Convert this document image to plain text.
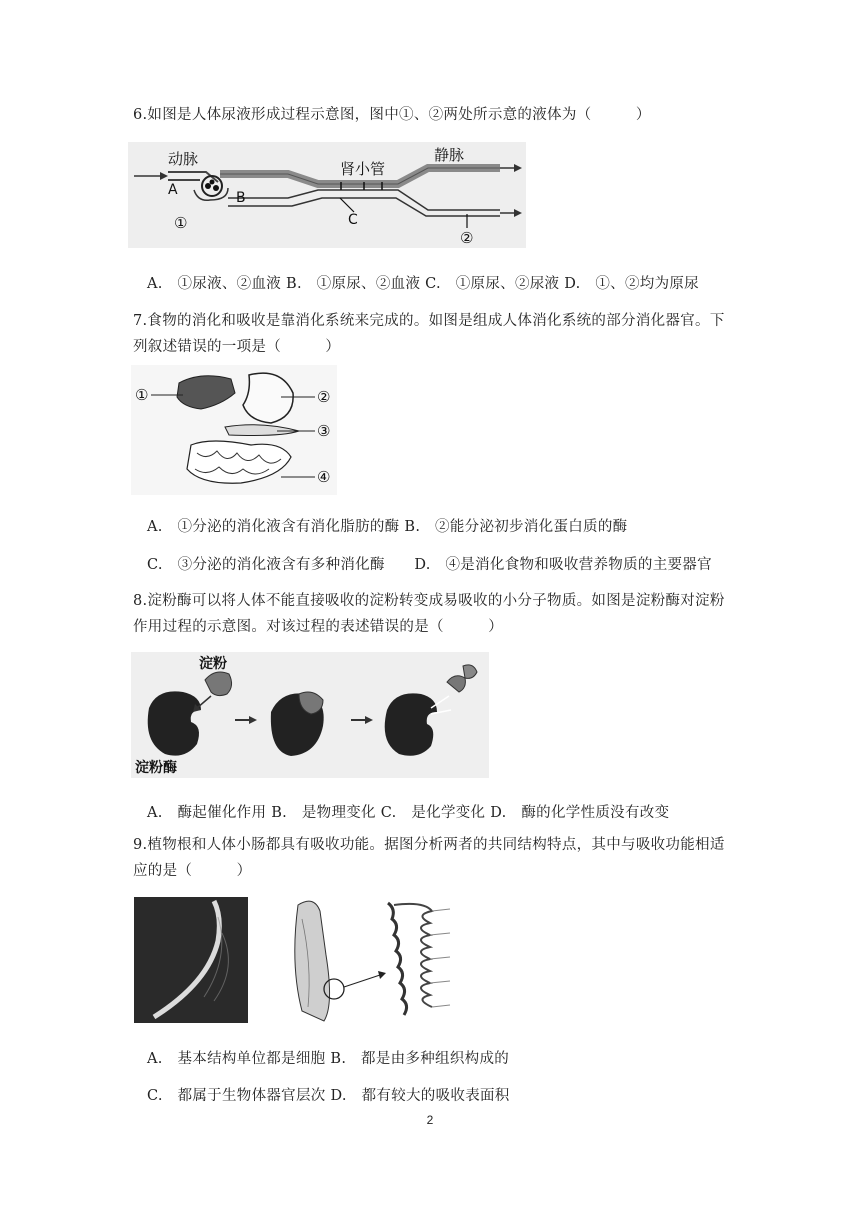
6.如图是人体尿液形成过程示意图，图中①、②两处所示意的液体为（　　　）
动脉	静脉
肾小管
A	B
C
①
②
A.　①尿液、②血液 B.　①原尿、②血液 C.　①原尿、②尿液 D.　①、②均为原尿
7.食物的消化和吸收是靠消化系统来完成的。如图是组成人体消化系统的部分消化器官。下列叙述错误的一项是（　　　）
①	②
③
④
A.　①分泌的消化液含有消化脂肪的酶 B.　②能分泌初步消化蛋白质的酶
C.　③分泌的消化液含有多种消化酶　　D.　④是消化食物和吸收营养物质的主要器官
8.淀粉酶可以将人体不能直接吸收的淀粉转变成易吸收的小分子物质。如图是淀粉酶对淀粉作用过程的示意图。对该过程的表述错误的是（　　　）
淀粉
淀粉酶
A.　酶起催化作用 B.　是物理变化 C.　是化学变化 D.　酶的化学性质没有改变
9.植物根和人体小肠都具有吸收功能。据图分析两者的共同结构特点，其中与吸收功能相适应的是（　　　）
A.　基本结构单位都是细胞 B.　都是由多种组织构成的
C.　都属于生物体器官层次 D.　都有较大的吸收表面积
2
